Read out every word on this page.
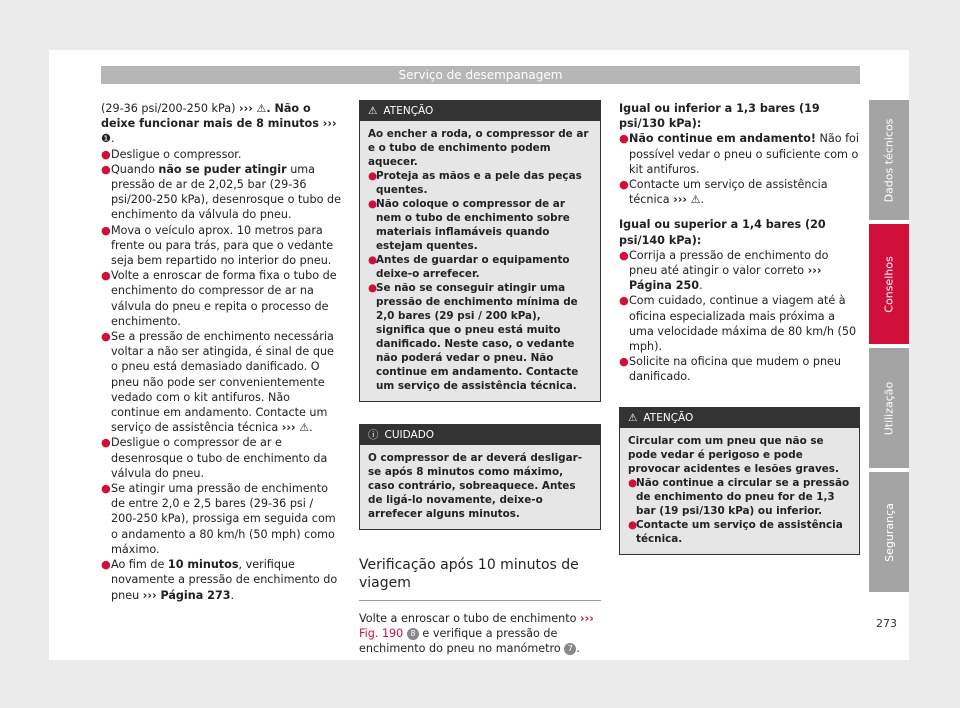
Serviço de desempanagem
Dados técnicos
Conselhos
Utilização
Segurança

(29-36 psi/200-250 kPa) ››› ⚠. Não o deixe funcionar mais de 8 minutos ››› ❶.

● Desligue o compressor.
● Quando não se puder atingir uma pressão de ar de 2,02,5 bar (29-36 psi/200-250 kPa), desenrosque o tubo de enchimento da válvula do pneu.
● Mova o veículo aprox. 10 metros para frente ou para trás, para que o vedante seja bem repartido no interior do pneu.
● Volte a enroscar de forma fixa o tubo de enchimento do compressor de ar na válvula do pneu e repita o processo de enchimento.
● Se a pressão de enchimento necessária voltar a não ser atingida, é sinal de que o pneu está demasiado danificado. O pneu não pode ser convenientemente vedado com o kit antifuros. Não continue em andamento. Contacte um serviço de assistência técnica ››› ⚠.
● Desligue o compressor de ar e desenrosque o tubo de enchimento da válvula do pneu.
● Se atingir uma pressão de enchimento de entre 2,0 e 2,5 bares (29-36 psi / 200-250 kPa), prossiga em seguida com o andamento a 80 km/h (50 mph) como máximo.
● Ao fim de 10 minutos, verifique novamente a pressão de enchimento do pneu ››› Página 273.
⚠ ATENÇÃO

Ao encher a roda, o compressor de ar e o tubo de enchimento podem aquecer.

●
Proteja as mãos e a pele das peças quentes.
●
Não coloque o compressor de ar nem o tubo de enchimento sobre materiais inflamáveis quando estejam quentes.
●
Antes de guardar o equipamento deixe-o arrefecer.
●
Se não se conseguir atingir uma pressão de enchimento mínima de 2,0 bares (29 psi / 200 kPa), significa que o pneu está muito danificado. Neste caso, o vedante não poderá vedar o pneu. Não continue em andamento. Contacte um serviço de assistência técnica.
ⓘ CUIDADO

O compressor de ar deverá desligar-se após 8 minutos como máximo, caso contrário, sobreaquece. Antes de ligá-lo novamente, deixe-o arrefecer alguns minutos.

Verificação após 10 minutos de viagem

Volte a enroscar o tubo de enchimento ››› Fig. 190 8 e verifique a pressão de enchimento do pneu no manómetro 7 .

Igual ou inferior a 1,3 bares (19 psi/130 kPa):

● Não continue em andamento! Não foi possível vedar o pneu o suficiente com o kit antifuros.
● Contacte um serviço de assistência técnica ››› ⚠.

Igual ou superior a 1,4 bares (20 psi/140 kPa):

● Corrija a pressão de enchimento do pneu até atingir o valor correto ››› Página 250.
● Com cuidado, continue a viagem até à oficina especializada mais próxima a uma velocidade máxima de 80 km/h (50 mph).
● Solicite na oficina que mudem o pneu danificado.
⚠ ATENÇÃO

Circular com um pneu que não se pode vedar é perigoso e pode provocar acidentes e lesões graves.

●
Não continue a circular se a pressão de enchimento do pneu for de 1,3 bar (19 psi/130 kPa) ou inferior.
●
Contacte um serviço de assistência técnica.
273
